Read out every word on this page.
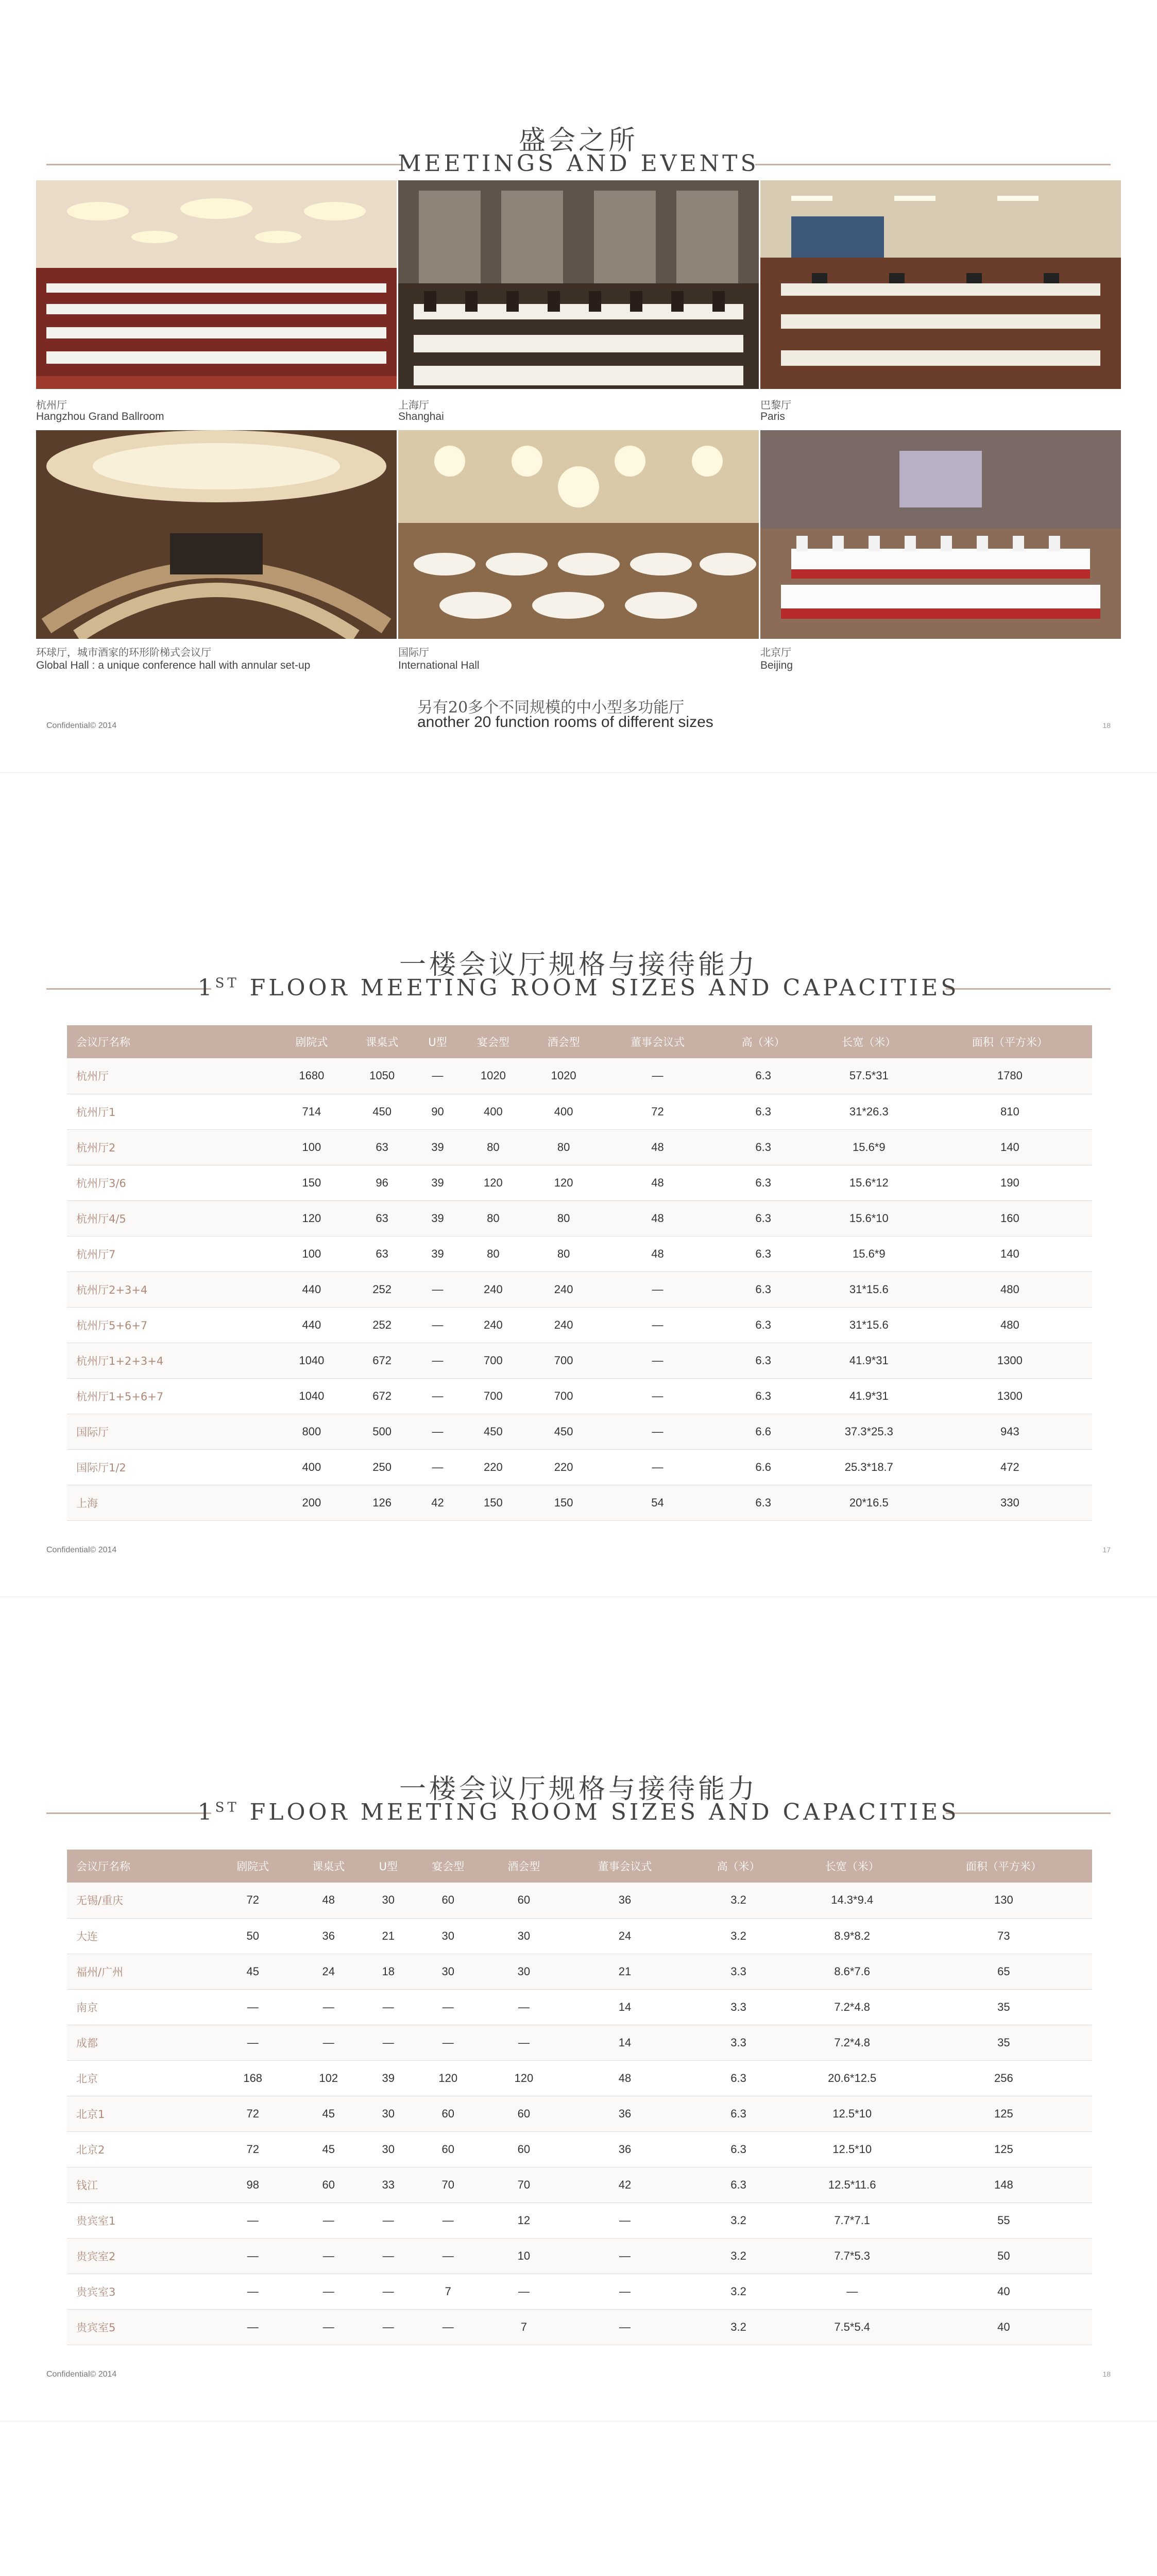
盛会之所
MEETINGS AND EVENTS
杭州厅
Hangzhou Grand Ballroom
上海厅
Shanghai
巴黎厅
Paris
环球厅，城市酒家的环形阶梯式会议厅
Global Hall : a unique conference hall with annular set-up
国际厅
International Hall
北京厅
Beijing
另有20多个不同规模的中小型多功能厅
another 20 function rooms of different sizes
Confidential© 2014	18
一楼会议厅规格与接待能力
1ST FLOOR MEETING ROOM SIZES AND CAPACITIES
会议厅名称	剧院式	课桌式	U型	宴会型	酒会型	董事会议式	高（米）	长宽（米）	面积（平方米）
杭州厅	1680	1050	—	1020	1020	—	6.3	57.5*31	1780
杭州厅1	714	450	90	400	400	72	6.3	31*26.3	810
杭州厅2	100	63	39	80	80	48	6.3	15.6*9	140
杭州厅3/6	150	96	39	120	120	48	6.3	15.6*12	190
杭州厅4/5	120	63	39	80	80	48	6.3	15.6*10	160
杭州厅7	100	63	39	80	80	48	6.3	15.6*9	140
杭州厅2+3+4	440	252	—	240	240	—	6.3	31*15.6	480
杭州厅5+6+7	440	252	—	240	240	—	6.3	31*15.6	480
杭州厅1+2+3+4	1040	672	—	700	700	—	6.3	41.9*31	1300
杭州厅1+5+6+7	1040	672	—	700	700	—	6.3	41.9*31	1300
国际厅	800	500	—	450	450	—	6.6	37.3*25.3	943
国际厅1/2	400	250	—	220	220	—	6.6	25.3*18.7	472
上海	200	126	42	150	150	54	6.3	20*16.5	330
Confidential© 2014	17
一楼会议厅规格与接待能力
1ST FLOOR MEETING ROOM SIZES AND CAPACITIES
会议厅名称	剧院式	课桌式	U型	宴会型	酒会型	董事会议式	高（米）	长宽（米）	面积（平方米）
无锡/重庆	72	48	30	60	60	36	3.2	14.3*9.4	130
大连	50	36	21	30	30	24	3.2	8.9*8.2	73
福州/广州	45	24	18	30	30	21	3.3	8.6*7.6	65
南京	—	—	—	—	—	14	3.3	7.2*4.8	35
成都	—	—	—	—	—	14	3.3	7.2*4.8	35
北京	168	102	39	120	120	48	6.3	20.6*12.5	256
北京1	72	45	30	60	60	36	6.3	12.5*10	125
北京2	72	45	30	60	60	36	6.3	12.5*10	125
钱江	98	60	33	70	70	42	6.3	12.5*11.6	148
贵宾室1	—	—	—	—	12	—	3.2	7.7*7.1	55
贵宾室2	—	—	—	—	10	—	3.2	7.7*5.3	50
贵宾室3	—	—	—	7	—	—	3.2	—	40
贵宾室5	—	—	—	—	7	—	3.2	7.5*5.4	40
Confidential© 2014	18
